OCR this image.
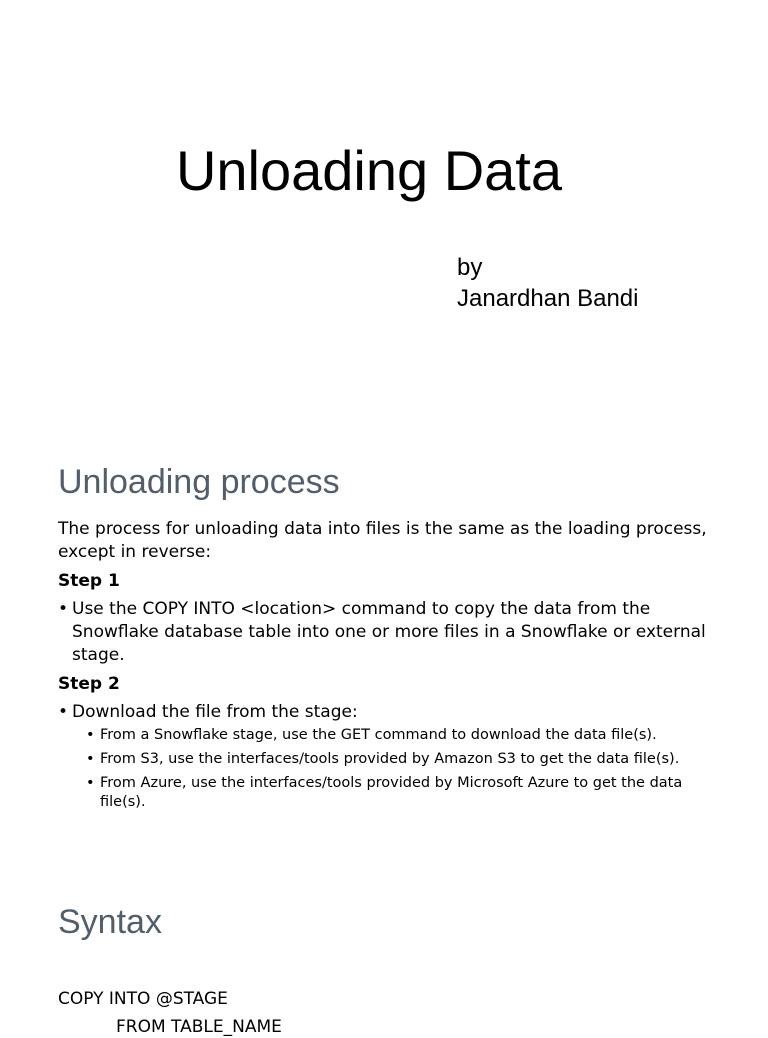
Unloading Data
by
Janardhan Bandi
Unloading process

The process for unloading data into files is the same as the loading process, except in reverse:

Step 1
• Use the COPY INTO <location> command to copy the data from the Snowflake database table into one or more files in a Snowflake or external stage.
Step 2
• Download the file from the stage:
• From a Snowflake stage, use the GET command to download the data file(s).
• From S3, use the interfaces/tools provided by Amazon S3 to get the data file(s).
• From Azure, use the interfaces/tools provided by Microsoft Azure to get the data file(s).
Syntax
COPY INTO @STAGE
FROM TABLE_NAME
